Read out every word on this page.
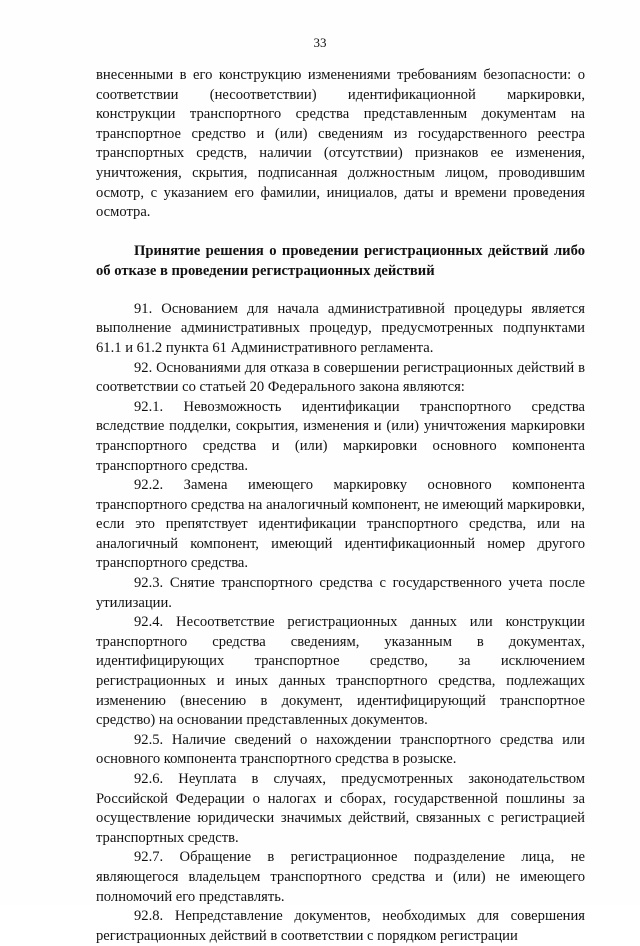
33

внесенными в его конструкцию изменениями требованиям безопасности: о соответствии (несоответствии) идентификационной маркировки, конструкции транспортного средства представленным документам на транспортное средство и (или) сведениям из государственного реестра транспортных средств, наличии (отсутствии) признаков ее изменения, уничтожения, скрытия, подписанная должностным лицом, проводившим осмотр, с указанием его фамилии, инициалов, даты и времени проведения осмотра.

Принятие решения о проведении регистрационных действий либо об отказе в проведении регистрационных действий

91. Основанием для начала административной процедуры является выполнение административных процедур, предусмотренных подпунктами 61.1 и 61.2 пункта 61 Административного регламента.

92. Основаниями для отказа в совершении регистрационных действий в соответствии со статьей 20 Федерального закона являются:

92.1. Невозможность идентификации транспортного средства вследствие подделки, сокрытия, изменения и (или) уничтожения маркировки транспортного средства и (или) маркировки основного компонента транспортного средства.

92.2. Замена имеющего маркировку основного компонента транспортного средства на аналогичный компонент, не имеющий маркировки, если это препятствует идентификации транспортного средства, или на аналогичный компонент, имеющий идентификационный номер другого транспортного средства.

92.3. Снятие транспортного средства с государственного учета после утилизации.

92.4. Несоответствие регистрационных данных или конструкции транспортного средства сведениям, указанным в документах, идентифицирующих транспортное средство, за исключением регистрационных и иных данных транспортного средства, подлежащих изменению (внесению в документ, идентифицирующий транспортное средство) на основании представленных документов.

92.5. Наличие сведений о нахождении транспортного средства или основного компонента транспортного средства в розыске.

92.6. Неуплата в случаях, предусмотренных законодательством Российской Федерации о налогах и сборах, государственной пошлины за осуществление юридически значимых действий, связанных с регистрацией транспортных средств.

92.7. Обращение в регистрационное подразделение лица, не являющегося владельцем транспортного средства и (или) не имеющего полномочий его представлять.

92.8. Непредставление документов, необходимых для совершения регистрационных действий в соответствии с порядком регистрации
